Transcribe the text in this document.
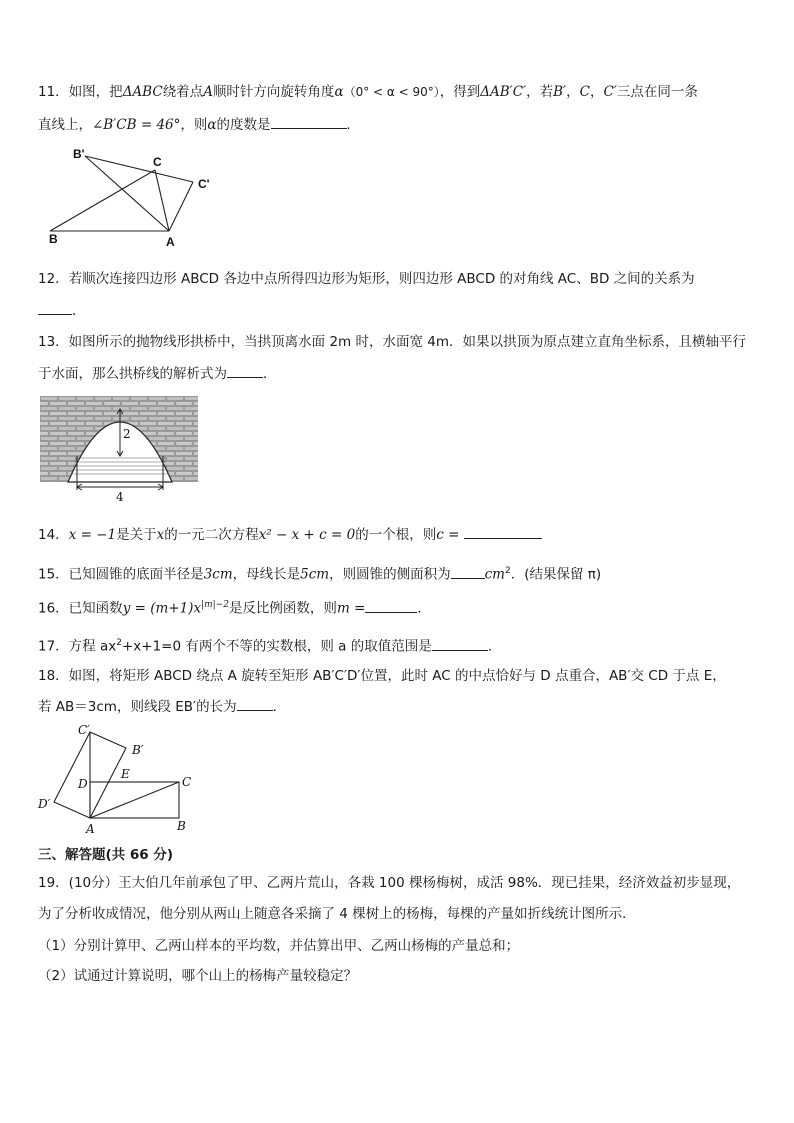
11．如图，把ΔABC绕着点A顺时针方向旋转角度α（0° < α < 90°），得到ΔAB′C′，若B′，C，C′三点在同一条
直线上，∠B′CB = 46°，则α的度数是	．
B'
C
C'
B	A
12．若顺次连接四边形 ABCD 各边中点所得四边形为矩形，则四边形 ABCD 的对角线 AC、BD 之间的关系为
．
13．如图所示的抛物线形拱桥中，当拱顶离水面 2m 时，水面宽 4m．如果以拱顶为原点建立直角坐标系，且横轴平行
于水面，那么拱桥线的解析式为	．
2
4
14．x = −1是关于x的一元二次方程x² − x + c = 0的一个根，则c =
15．已知圆锥的底面半径是3cm，母线长是5cm，则圆锥的侧面积为	$cm^2$．(结果保留 π)
16．已知函数$y = (m+1)x^{|m|-2}$是反比例函数，则m =	．
17．方程 $ax^2+x+1=0$ 有两个不等的实数根，则 a 的取值范围是	.
18．如图，将矩形 ABCD 绕点 A 旋转至矩形 AB′C′D′位置，此时 AC 的中点恰好与 D 点重合，AB′交 CD 于点 E，
若 AB＝3cm，则线段 EB′的长为	．
C′
B′
D
E
C
D′
A	B
三、解答题(共 66 分)
19．(10分）王大伯几年前承包了甲、乙两片荒山，各栽 100 棵杨梅树，成活 98%．现已挂果，经济效益初步显现，
为了分析收成情况，他分别从两山上随意各采摘了 4 棵树上的杨梅，每棵的产量如折线统计图所示．
（1）分别计算甲、乙两山样本的平均数，并估算出甲、乙两山杨梅的产量总和；
（2）试通过计算说明，哪个山上的杨梅产量较稳定？
